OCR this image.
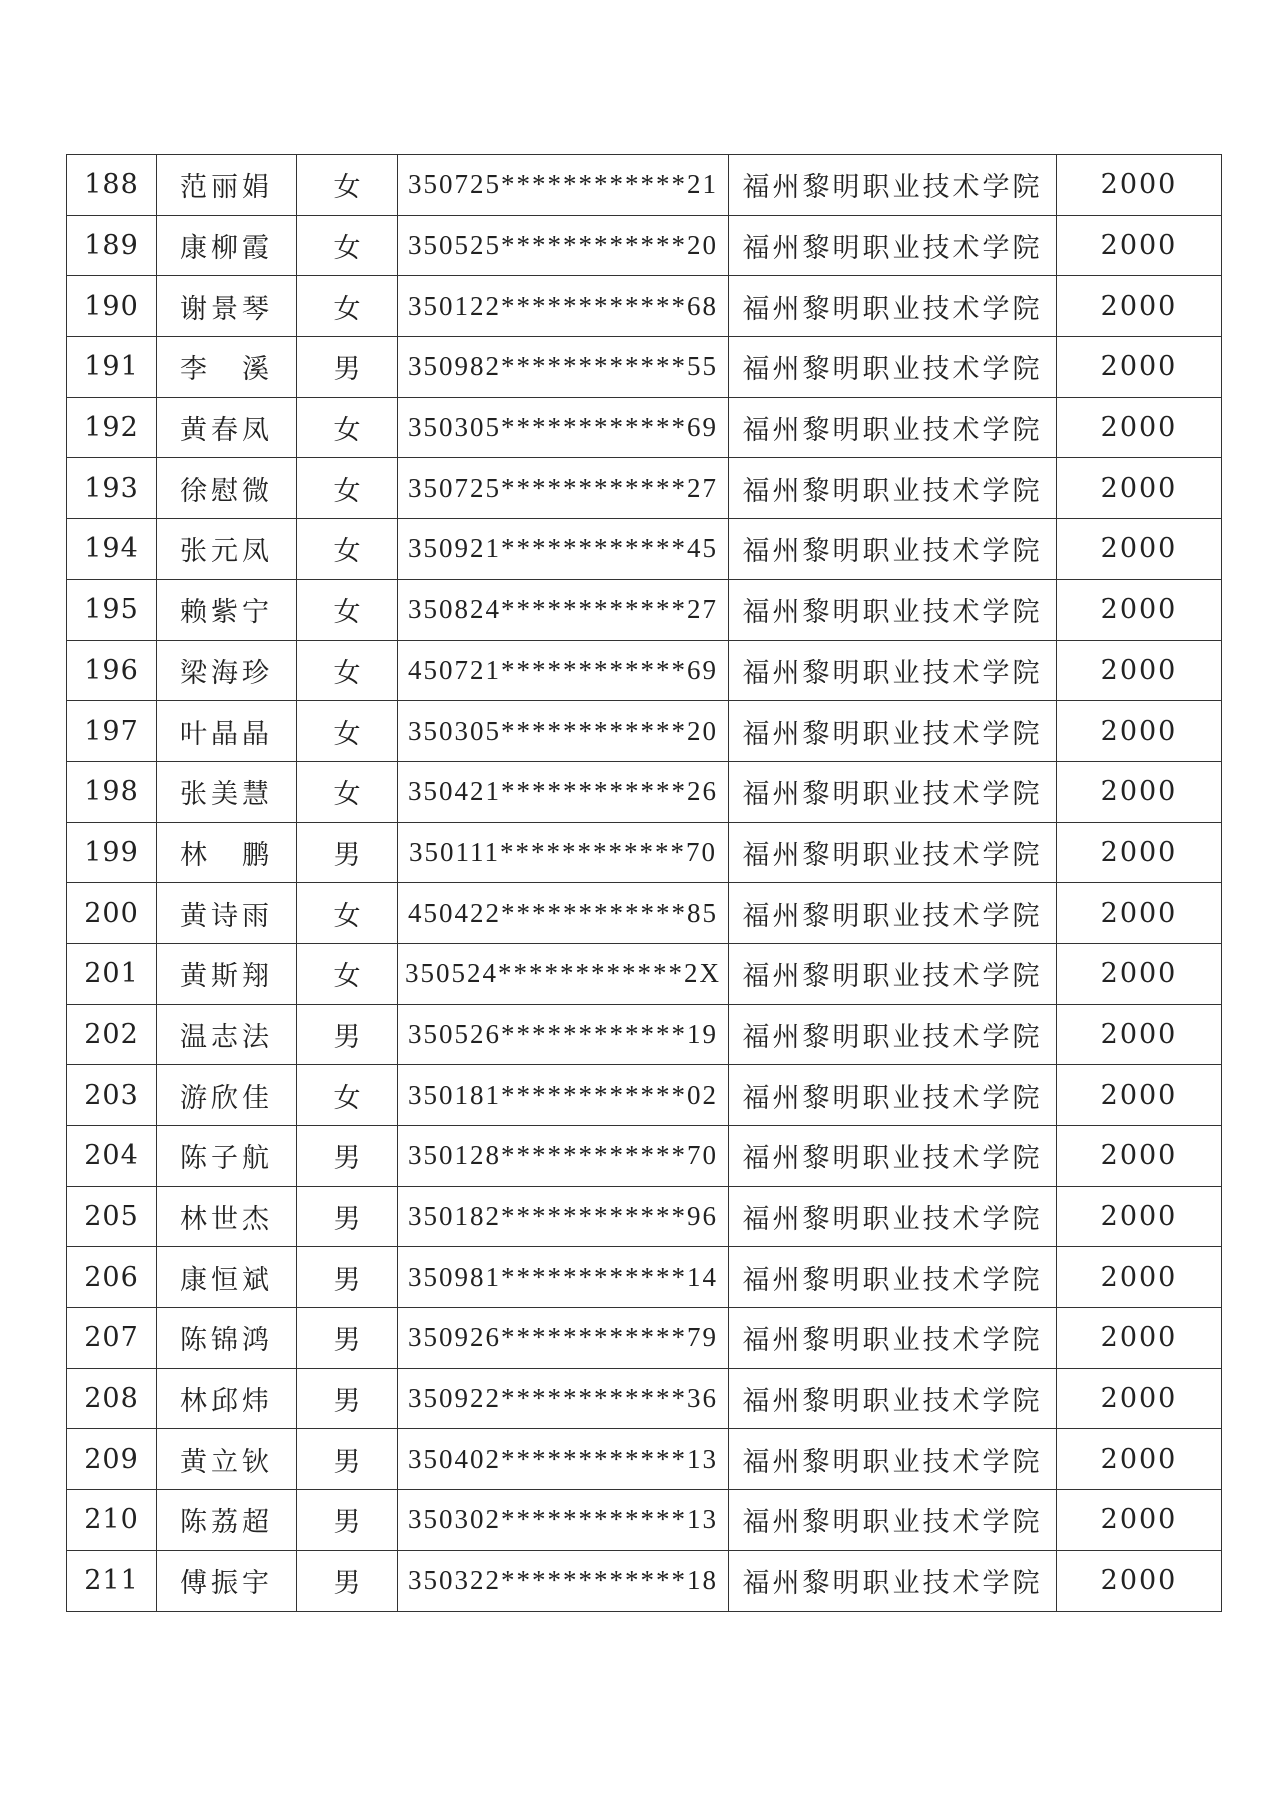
188	范丽娟	女	350725************21	福州黎明职业技术学院	2000
189	康柳霞	女	350525************20	福州黎明职业技术学院	2000
190	谢景琴	女	350122************68	福州黎明职业技术学院	2000
191	李　溪	男	350982************55	福州黎明职业技术学院	2000
192	黄春凤	女	350305************69	福州黎明职业技术学院	2000
193	徐慰微	女	350725************27	福州黎明职业技术学院	2000
194	张元凤	女	350921************45	福州黎明职业技术学院	2000
195	赖紫宁	女	350824************27	福州黎明职业技术学院	2000
196	梁海珍	女	450721************69	福州黎明职业技术学院	2000
197	叶晶晶	女	350305************20	福州黎明职业技术学院	2000
198	张美慧	女	350421************26	福州黎明职业技术学院	2000
199	林　鹏	男	350111************70	福州黎明职业技术学院	2000
200	黄诗雨	女	450422************85	福州黎明职业技术学院	2000
201	黄斯翔	女	350524************2X	福州黎明职业技术学院	2000
202	温志法	男	350526************19	福州黎明职业技术学院	2000
203	游欣佳	女	350181************02	福州黎明职业技术学院	2000
204	陈子航	男	350128************70	福州黎明职业技术学院	2000
205	林世杰	男	350182************96	福州黎明职业技术学院	2000
206	康恒斌	男	350981************14	福州黎明职业技术学院	2000
207	陈锦鸿	男	350926************79	福州黎明职业技术学院	2000
208	林邱炜	男	350922************36	福州黎明职业技术学院	2000
209	黄立钬	男	350402************13	福州黎明职业技术学院	2000
210	陈荔超	男	350302************13	福州黎明职业技术学院	2000
211	傅振宇	男	350322************18	福州黎明职业技术学院	2000
